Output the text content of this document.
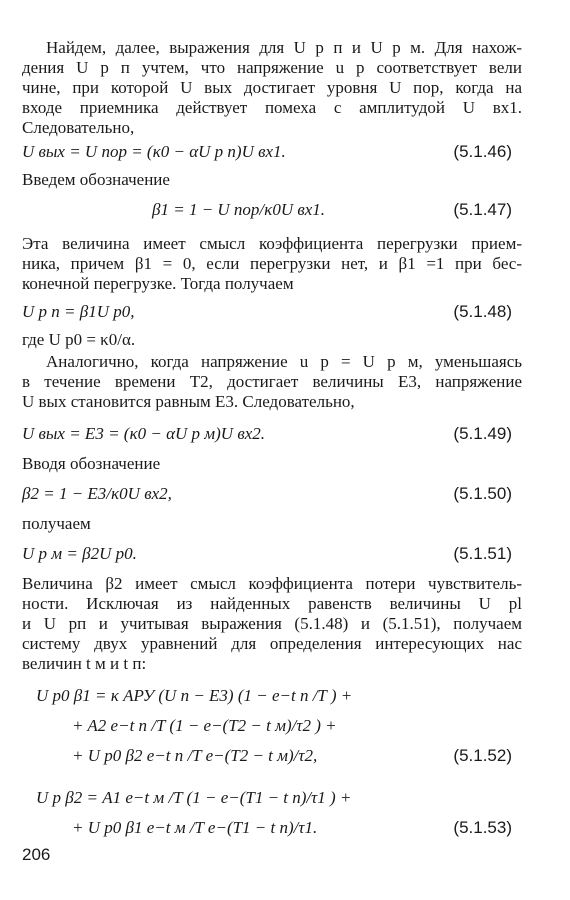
Найдем, далее, выражения для U р п и U р м. Для нахож-
дения U р п учтем, что напряжение u р соответствует вели
чине, при которой U вых достигает уровня U пор, когда на
входе приемника действует помеха с амплитудой U вх1.
Следовательно,
U вых = U пор = (κ0 − αU р п)U вх1.	(5.1.46)
Введем обозначение
β1 = 1 − U пор/κ0U вх1.	(5.1.47)
Эта величина имеет смысл коэффициента перегрузки прием-
ника, причем β1 = 0, если перегрузки нет, и β1 =1 при бес-
конечной перегрузке. Тогда получаем
U р п = β1U р0,	(5.1.48)
где U р0 = κ0/α.
Аналогично, когда напряжение u р = U р м, уменьшаясь
в течение времени T2, достигает величины E3, напряжение
U вых становится равным E3. Следовательно,
U вых = E3 = (κ0 − αU р м)U вх2.	(5.1.49)
Вводя обозначение
β2 = 1 − E3/κ0U вх2,	(5.1.50)
получаем
U р м = β2U р0.	(5.1.51)
Величина β2 имеет смысл коэффициента потери чувствитель-
ности. Исключая из найденных равенств величины U рl
и U рп и учитывая выражения (5.1.48) и (5.1.51), получаем
систему двух уравнений для определения интересующих нас
величин t м и t п:
U р0 β1 = κ АРУ (U п − E3) (1 − e−t п /T ) +
+ A2 e−t п /T (1 − e−(T2 − t м)/τ2 ) +
+ U р0 β2 e−t п /T e−(T2 − t м)/τ2,	(5.1.52)
U р β2 = A1 e−t м /T (1 − e−(T1 − t п)/τ1 ) +
+ U р0 β1 e−t м /T e−(T1 − t п)/τ1.	(5.1.53)
206
